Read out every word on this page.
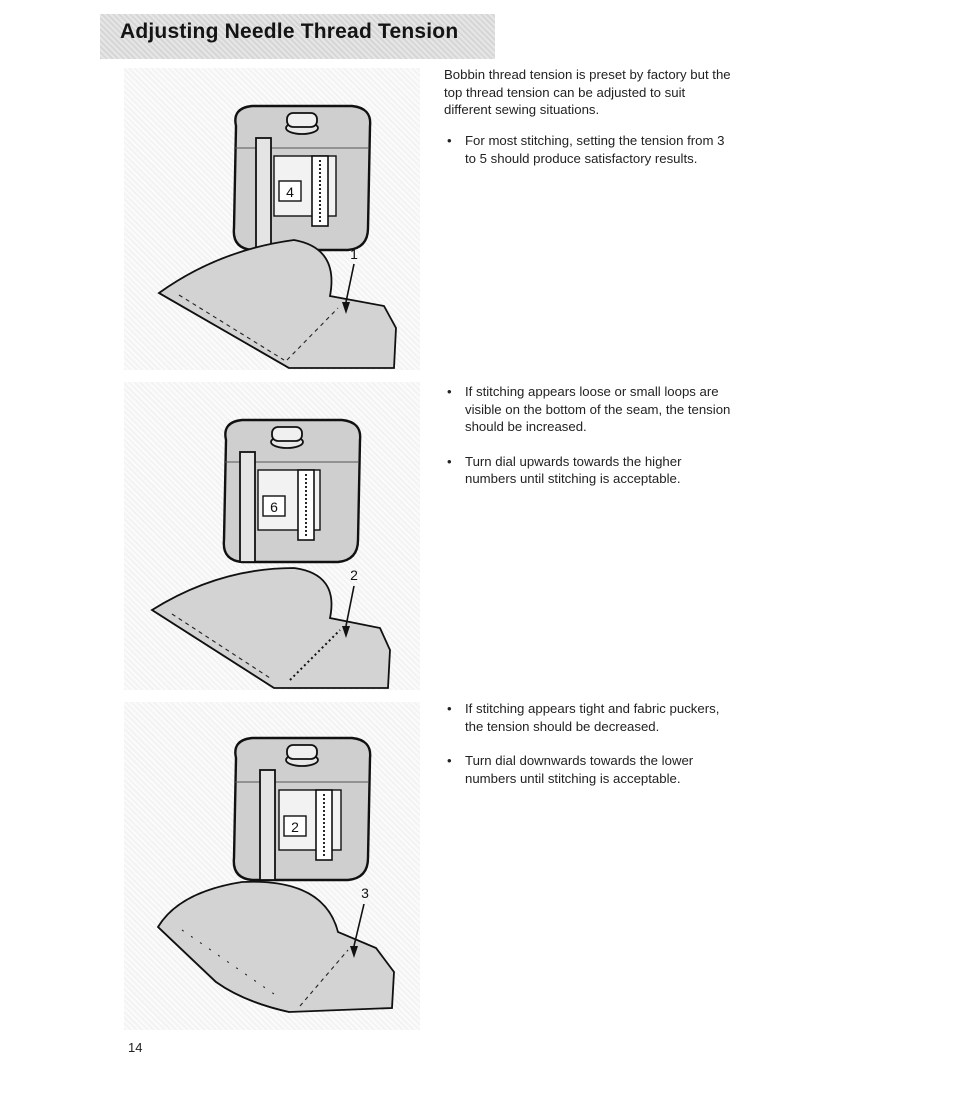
Adjusting Needle Thread Tension
4
1
6
2
2
3

Bobbin thread tension is preset by factory but the top thread tension can be adjusted to suit different sewing situations.

• For most stitching, setting the tension from 3 to 5 should produce satisfactory results.
• If stitching appears loose or small loops are visible on the bottom of the seam, the tension should be increased.
• Turn dial upwards towards the higher numbers until stitching is acceptable.
• If stitching appears tight and fabric puckers, the tension should be decreased.
• Turn dial downwards towards the lower numbers until stitching is acceptable.
14
